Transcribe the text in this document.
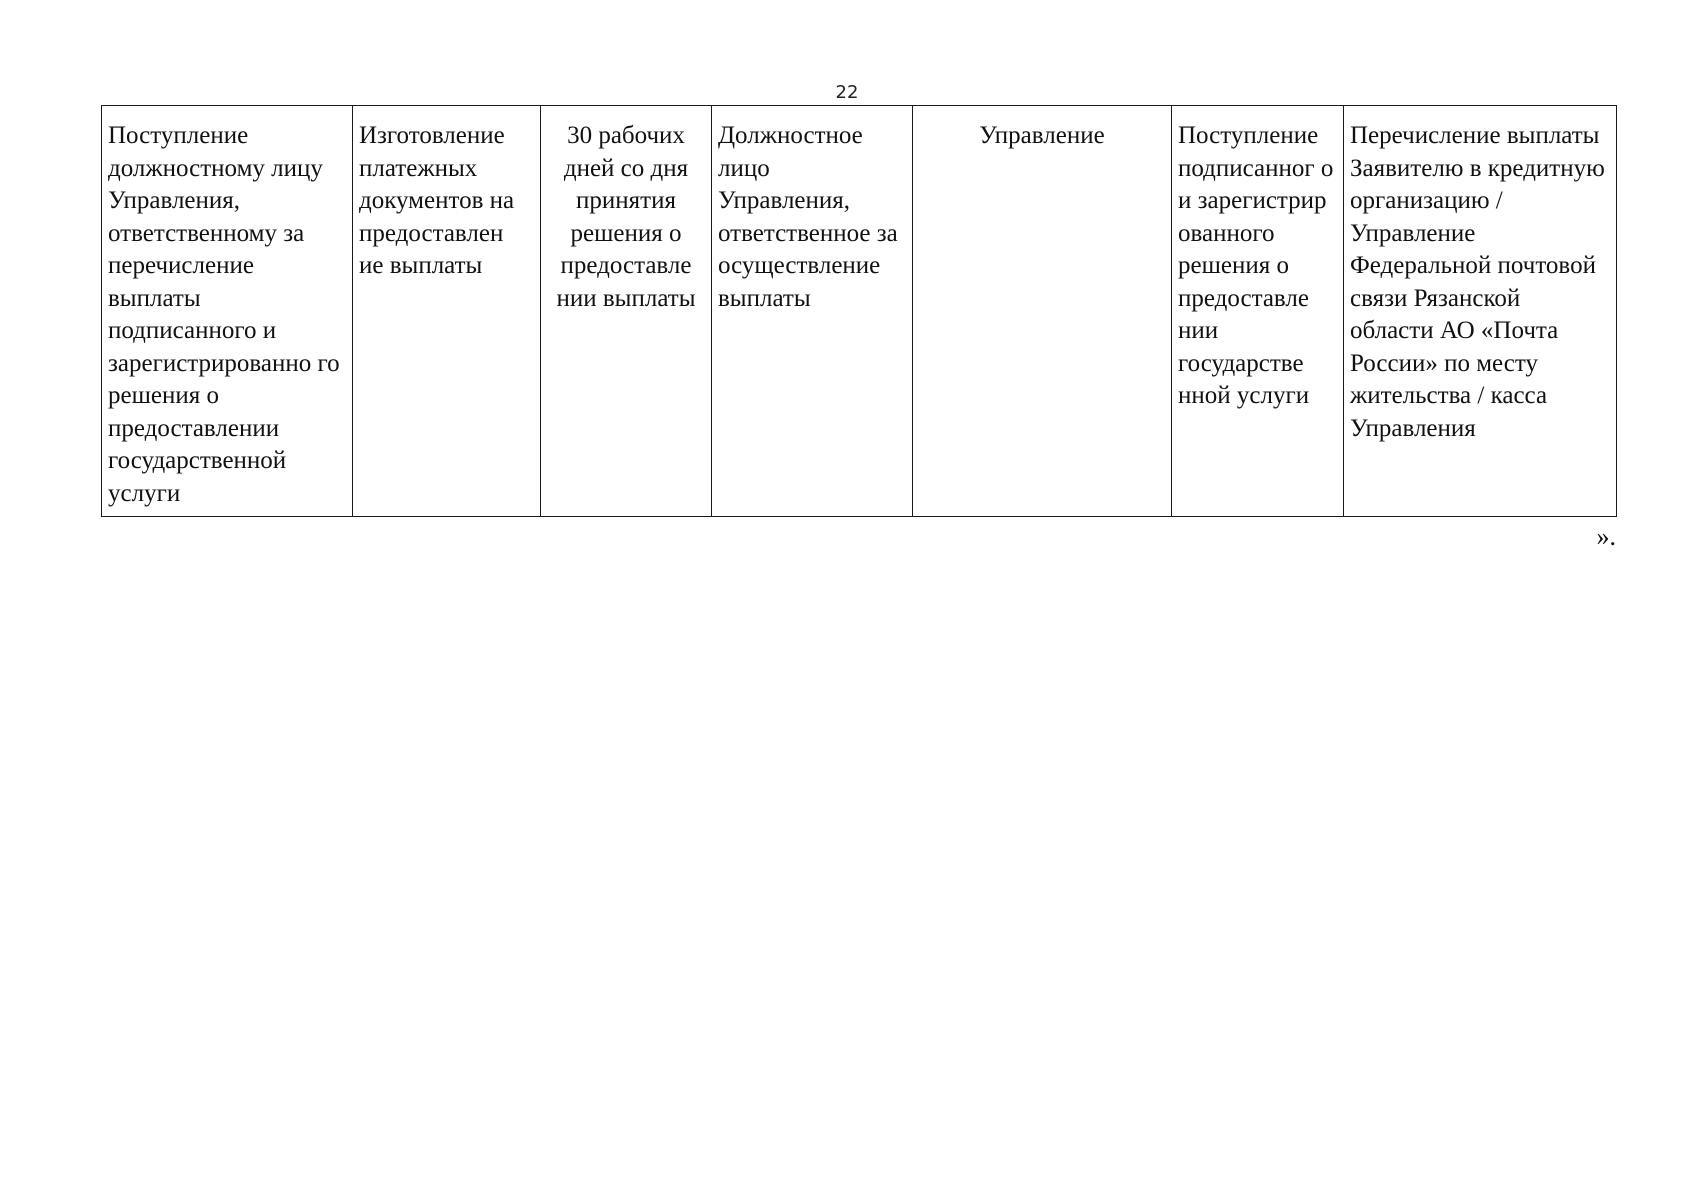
22
Поступление должностному лицу Управления, ответственному за перечисление выплаты подписанного и зарегистрированно го решения о предоставлении государственной услуги	Изготовление платежных документов на предоставлен ие выплаты	30 рабочих дней со дня принятия решения о предоставле нии выплаты	Должностное лицо Управления, ответственное за осуществление выплаты	Управление	Поступление подписанног о и зарегистрир ованного решения о предоставле нии государстве нной услуги	Перечисление выплаты Заявителю в кредитную организацию / Управление Федеральной почтовой связи Рязанской области АО «Почта России» по месту жительства / касса Управления
».
